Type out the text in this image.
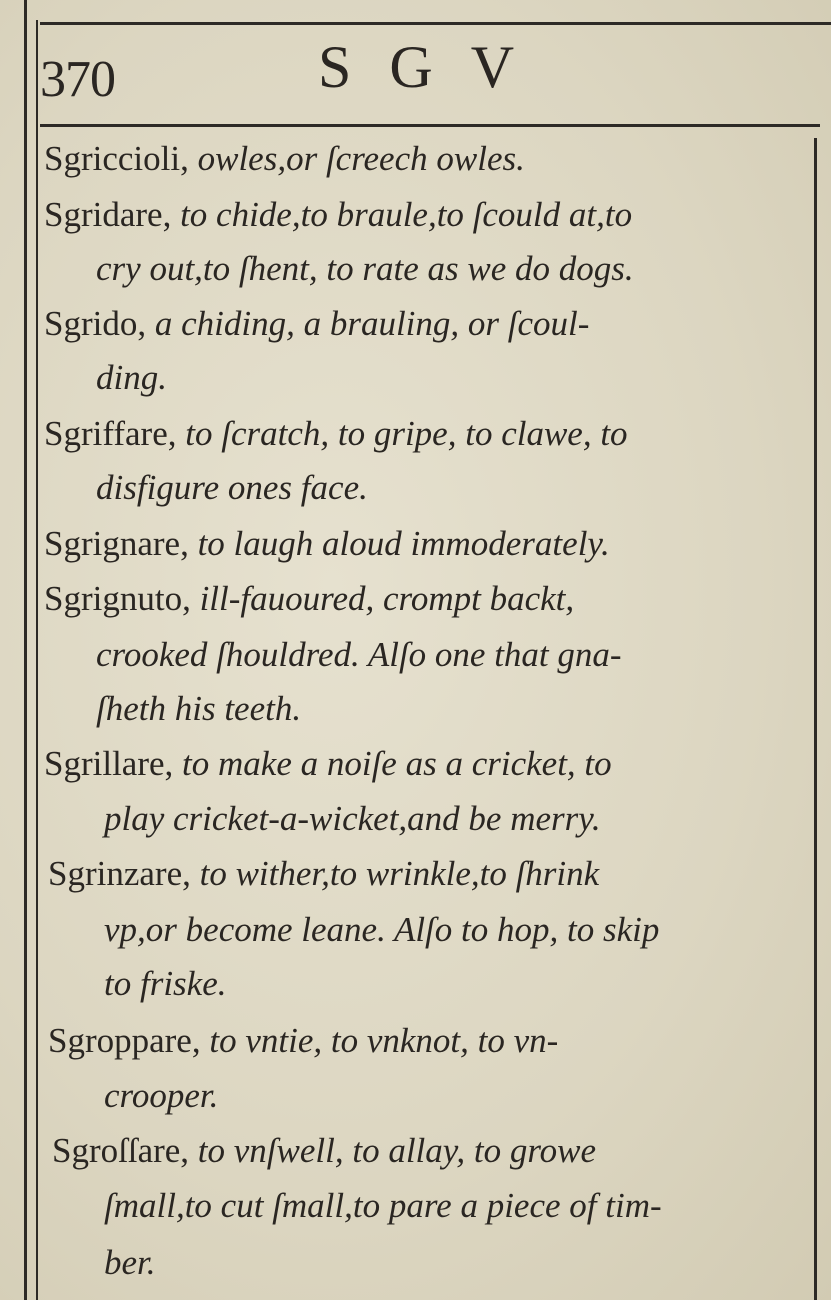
370	SGV
Sgriccioli, owles,or ſcreech owles.
Sgridare, to chide,to braule,to ſcould at,to
cry out,to ſhent, to rate as we do dogs.
Sgrido, a chiding, a brauling, or ſcoul-
ding.
Sgriffare, to ſcratch, to gripe, to clawe, to
disfigure ones face.
Sgrignare, to laugh aloud immoderately.
Sgrignuto, ill-fauoured, crompt backt,
crooked ſhouldred. Alſo one that gna-
ſheth his teeth.
Sgrillare, to make a noiſe as a cricket, to
play cricket-a-wicket,and be merry.
Sgrinzare, to wither,to wrinkle,to ſhrink
vp,or become leane. Alſo to hop, to skip
to friske.
Sgroppare, to vntie, to vnknot, to vn-
crooper.
Sgroſſare, to vnſwell, to allay, to growe
ſmall,to cut ſmall,to pare a piece of tim-
ber.
